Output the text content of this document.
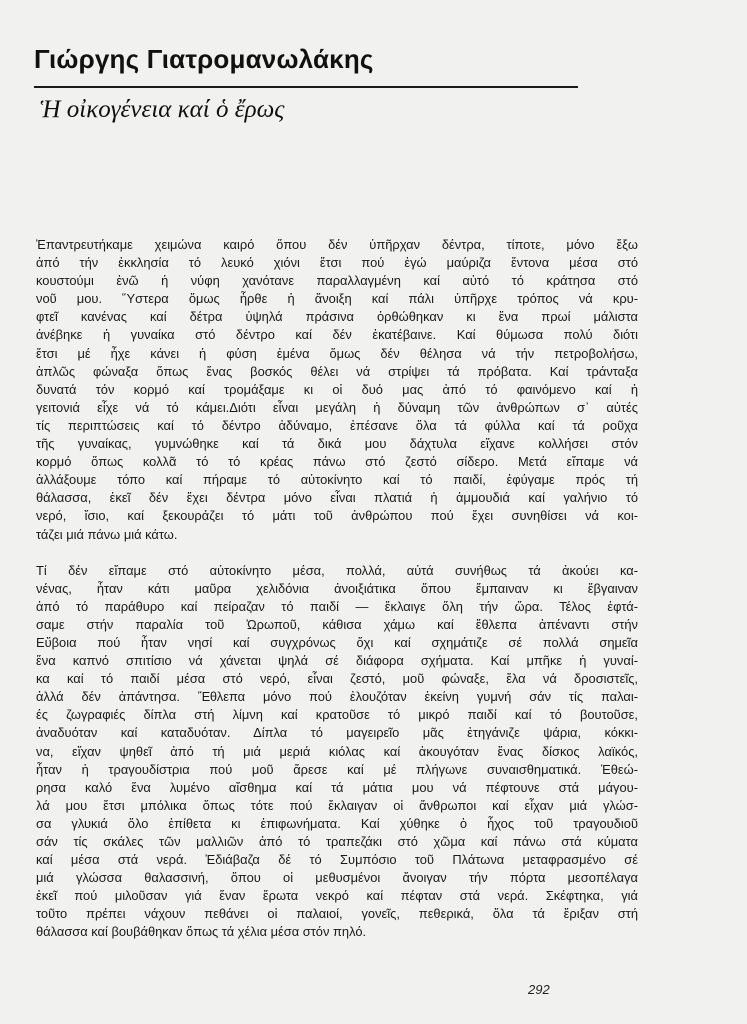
Γιώργης Γιατρομανωλάκης
Ἡ οἰκογένεια καί ὁ ἔρως

Ἐπαντρευτήκαμε χειμώνα καιρό ὅπου δέν ὑπῆρχαν δέντρα, τίποτε, μόνο ἔξω
ἀπό τήν ἐκκλησία τό λευκό χιόνι ἔτσι πού ἐγώ μαύριζα ἔντονα μέσα στό
κουστούμι ἐνῶ ἡ νύφη χανότανε παραλλαγμένη καί αὐτό τό κράτησα στό
νοῦ μου. Ὕστερα ὅμως ἦρθε ἡ ἄνοιξη καί πάλι ὑπῆρχε τρόπος νά κρυ-
φτεῖ κανένας καί δέτρα ὑψηλά πράσινα ὀρθώθηκαν κι ἕνα πρωί μάλιστα
ἀνέβηκε ἡ γυναίκα στό δέντρο καί δέν ἐκατέβαινε. Καί θύμωσα πολύ διότι
ἔτσι μέ ἦχε κάνει ἡ φύση ἐμένα ὅμως δέν θέλησα νά τήν πετροβολήσω,
ἁπλῶς φώναξα ὅπως ἕνας βοσκός θέλει νά στρίψει τά πρόβατα. Καί τράνταξα
δυνατά τόν κορμό καί τρομάξαμε κι οἱ δυό μας ἀπό τό φαινόμενο καί ἡ
γειτονιά εἶχε νά τό κάμει.Διότι εἶναι μεγάλη ἡ δύναμη τῶν ἀνθρώπων σ᾽ αὐτές
τίς περιπτώσεις καί τό δέντρο ἀδύναμο, ἐπέσανε ὅλα τά φύλλα καί τά ροῦχα
τῆς γυναίκας, γυμνώθηκε καί τά δικά μου δάχτυλα εἴχανε κολλήσει στόν
κορμό ὅπως κολλᾶ τό τό κρέας πάνω στό ζεστό σίδερο. Μετά εἴπαμε νά
ἀλλάξουμε τόπο καί πήραμε τό αὐτοκίνητο καί τό παιδί, ἐφύγαμε πρός τή
θάλασσα, ἐκεῖ δέν ἔχει δέντρα μόνο εἶναι πλατιά ἡ ἀμμουδιά καί γαλήνιο τό
νερό, ἴσιο, καί ξεκουράζει τό μάτι τοῦ ἀνθρώπου πού ἔχει συνηθίσει νά κοι-
τάζει μιά πάνω μιά κάτω.

Τί δέν εἴπαμε στό αὐτοκίνητο μέσα, πολλά, αὐτά συνήθως τά ἀκούει κα-
νένας, ἦταν κάτι μαῦρα χελιδόνια ἀνοιξιάτικα ὅπου ἔμπαιναν κι ἔβγαιναν
ἀπό τό παράθυρο καί πείραζαν τό παιδί — ἔκλαιγε ὅλη τήν ὥρα. Τέλος ἐφτά-
σαμε στήν παραλία τοῦ Ὠρωποῦ, κάθισα χάμω καί ἔθλεπα ἀπέναντι στήν
Εὔβοια πού ἦταν νησί καί συγχρόνως ὄχι καί σχημάτιζε σέ πολλά σημεῖα
ἕνα καπνό σπιτίσιο νά χάνεται ψηλά σέ διάφορα σχήματα. Καί μπῆκε ἡ γυναί-
κα καί τό παιδί μέσα στό νερό, εἶναι ζεστό, μοῦ φώναξε, ἔλα νά δροσιστεῖς,
ἀλλά δέν ἀπάντησα. Ἔθλεπα μόνο πού ἐλουζόταν ἐκείνη γυμνή σάν τίς παλαι-
ές ζωγραφιές δίπλα στή λίμνη καί κρατοῦσε τό μικρό παιδί καί τό βουτοῦσε,
ἀναδυόταν καί καταδυόταν. Δίπλα τό μαγειρεῖο μᾶς ἐτηγάνιζε ψάρια, κόκκι-
να, εἴχαν ψηθεῖ ἀπό τή μιά μεριά κιόλας καί ἀκουγόταν ἕνας δίσκος λαϊκός,
ἦταν ἡ τραγουδίστρια πού μοῦ ἄρεσε καί μέ πλήγωνε συναισθηματικά. Ἐθεώ-
ρησα καλό ἕνα λυμένο αἴσθημα καί τά μάτια μου νά πέφτουνε στά μάγου-
λά μου ἔτσι μπόλικα ὅπως τότε πού ἔκλαιγαν οἱ ἄνθρωποι καί εἶχαν μιά γλώσ-
σα γλυκιά ὅλο ἐπίθετα κι ἐπιφωνήματα. Καί χύθηκε ὁ ἦχος τοῦ τραγουδιοῦ
σάν τίς σκάλες τῶν μαλλιῶν ἀπό τό τραπεζάκι στό χῶμα καί πάνω στά κύματα
καί μέσα στά νερά. Ἐδιάβαζα δέ τό Συμπόσιο τοῦ Πλάτωνα μεταφρασμένο σέ
μιά γλώσσα θαλασσινή, ὅπου οἱ μεθυσμένοι ἄνοιγαν τήν πόρτα μεσοπέλαγα
ἐκεῖ πού μιλοῦσαν γιά ἕναν ἔρωτα νεκρό καί πέφταν στά νερά. Σκέφτηκα, γιά
τοῦτο πρέπει νάχουν πεθάνει οἱ παλαιοί, γονεῖς, πεθερικά, ὅλα τά ἔριξαν στή
θάλασσα καί βουβάθηκαν ὅπως τά χέλια μέσα στόν πηλό.

292
